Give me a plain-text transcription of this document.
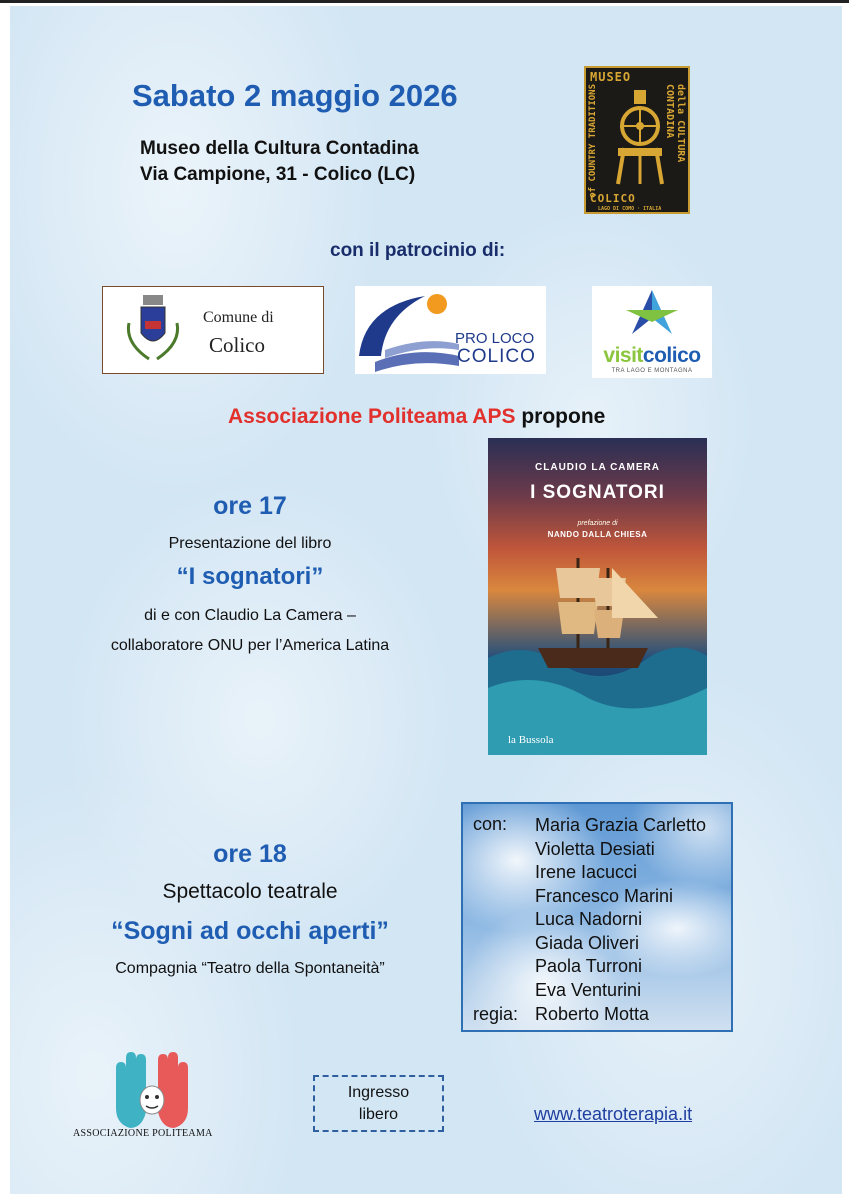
Sabato 2 maggio 2026
Museo della Cultura Contadina
Via Campione, 31 - Colico (LC)
MUSEO
della CULTURA CONTADINA
of COUNTRY TRADITIONS
COLICO
LAGO DI COMO · ITALIA
con il patrocinio di:
Comune di
Colico	PRO LOCO
COLICO	visitcolico
TRA LAGO E MONTAGNA
Associazione Politeama APS propone
ore 17
Presentazione del libro
“I sognatori”
di e con Claudio La Camera –
collaboratore ONU per l’America Latina
CLAUDIO LA CAMERA
I SOGNATORI
prefazione di
NANDO DALLA CHIESA
la Bussola
ore 18
Spettacolo teatrale
“Sogni ad occhi aperti”
Compagnia “Teatro della Spontaneità”
con: Maria Grazia Carletto
Violetta Desiati
Irene Iacucci
Francesco Marini
Luca Nadorni
Giada Oliveri
Paola Turroni
Eva Venturini
regia: Roberto Motta
ASSOCIAZIONE POLITEAMA
Ingresso
libero	www.teatroterapia.it
